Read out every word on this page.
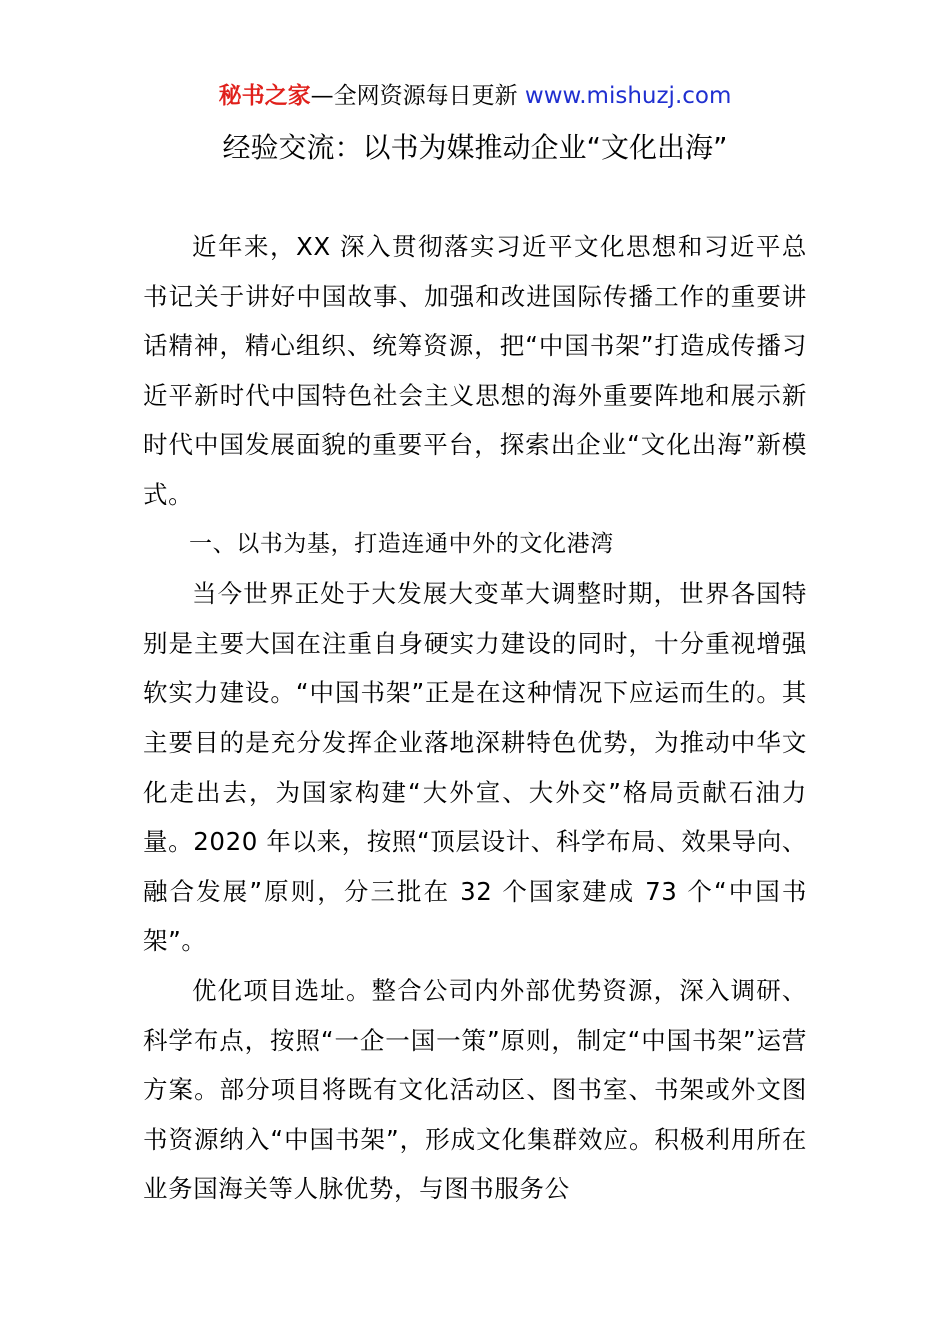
秘书之家—全网资源每日更新 www.mishuzj.com
经验交流：以书为媒推动企业“文化出海”

近年来，XX 深入贯彻落实习近平文化思想和习近平总书记关于讲好中国故事、加强和改进国际传播工作的重要讲话精神，精心组织、统筹资源，把“中国书架”打造成传播习近平新时代中国特色社会主义思想的海外重要阵地和展示新时代中国发展面貌的重要平台，探索出企业“文化出海”新模式。

一、以书为基，打造连通中外的文化港湾

当今世界正处于大发展大变革大调整时期，世界各国特别是主要大国在注重自身硬实力建设的同时，十分重视增强软实力建设。“中国书架”正是在这种情况下应运而生的。其主要目的是充分发挥企业落地深耕特色优势，为推动中华文化走出去，为国家构建“大外宣、大外交”格局贡献石油力量。2020 年以来，按照“顶层设计、科学布局、效果导向、融合发展”原则，分三批在 32 个国家建成 73 个“中国书架”。

优化项目选址。整合公司内外部优势资源，深入调研、科学布点，按照“一企一国一策”原则，制定“中国书架”运营方案。部分项目将既有文化活动区、图书室、书架或外文图书资源纳入“中国书架”，形成文化集群效应。积极利用所在业务国海关等人脉优势，与图书服务公
